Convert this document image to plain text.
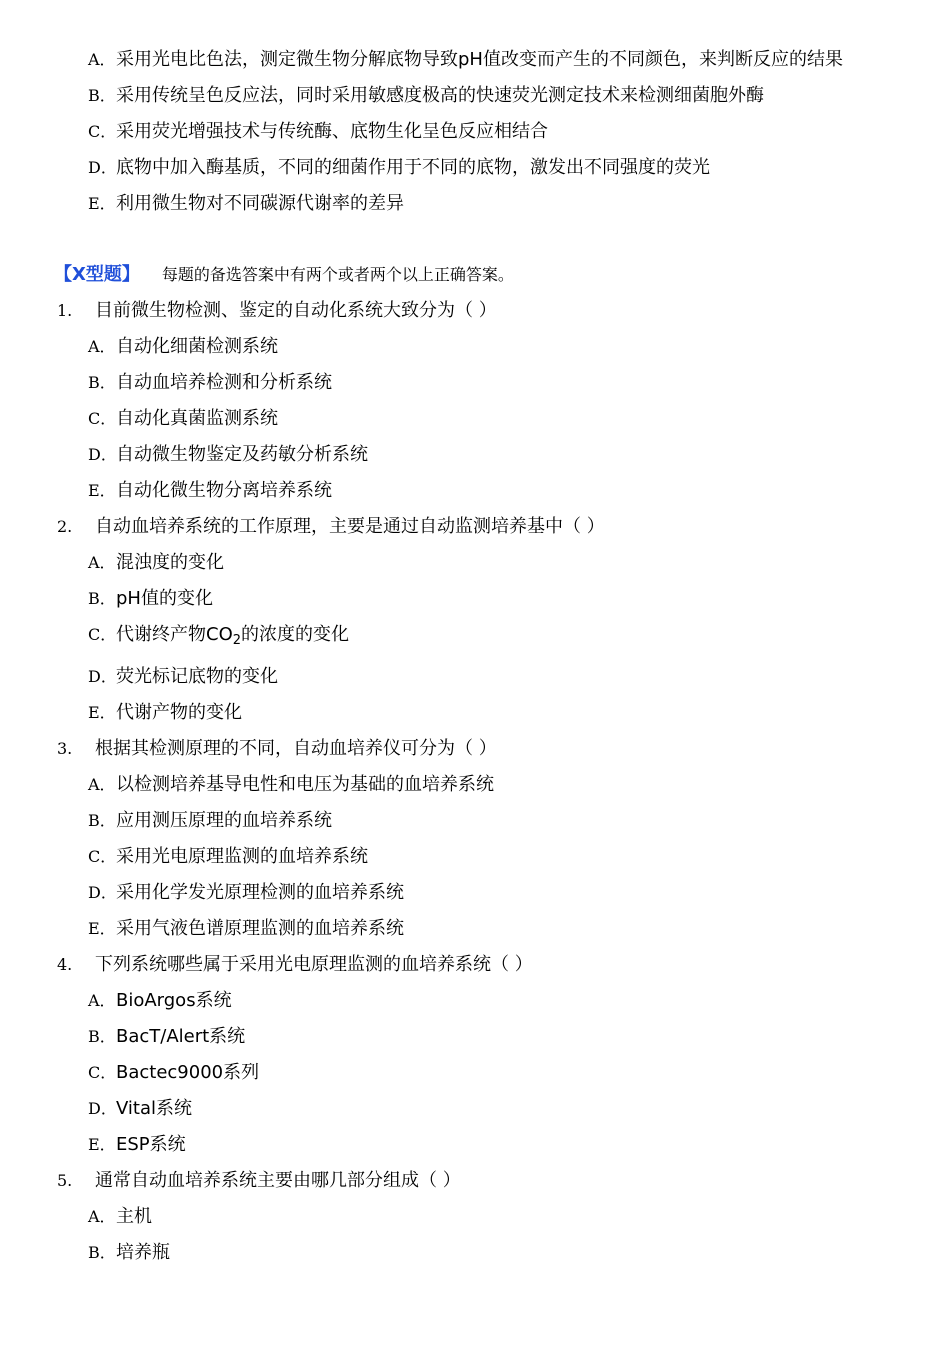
A．采用光电比色法，测定微生物分解底物导致pH值改变而产生的不同颜色，来判断反应的结果
B．采用传统呈色反应法，同时采用敏感度极高的快速荧光测定技术来检测细菌胞外酶
C．采用荧光增强技术与传统酶、底物生化呈色反应相结合
D．底物中加入酶基质，不同的细菌作用于不同的底物，激发出不同强度的荧光
E．利用微生物对不同碳源代谢率的差异
【X型题】 每题的备选答案中有两个或者两个以上正确答案。
1. 目前微生物检测、鉴定的自动化系统大致分为（ ）
A．自动化细菌检测系统
B．自动血培养检测和分析系统
C．自动化真菌监测系统
D．自动微生物鉴定及药敏分析系统
E．自动化微生物分离培养系统
2. 自动血培养系统的工作原理，主要是通过自动监测培养基中（ ）
A．混浊度的变化
B．pH值的变化
C．代谢终产物$CO_2$的浓度的变化
D．荧光标记底物的变化
E．代谢产物的变化
3. 根据其检测原理的不同，自动血培养仪可分为（ ）
A．以检测培养基导电性和电压为基础的血培养系统
B．应用测压原理的血培养系统
C．采用光电原理监测的血培养系统
D．采用化学发光原理检测的血培养系统
E．采用气液色谱原理监测的血培养系统
4. 下列系统哪些属于采用光电原理监测的血培养系统（ ）
A．BioArgos系统
B．BacT/Alert系统
C．Bactec9000系列
D．Vital系统
E．ESP系统
5. 通常自动血培养系统主要由哪几部分组成（ ）
A．主机
B．培养瓶
